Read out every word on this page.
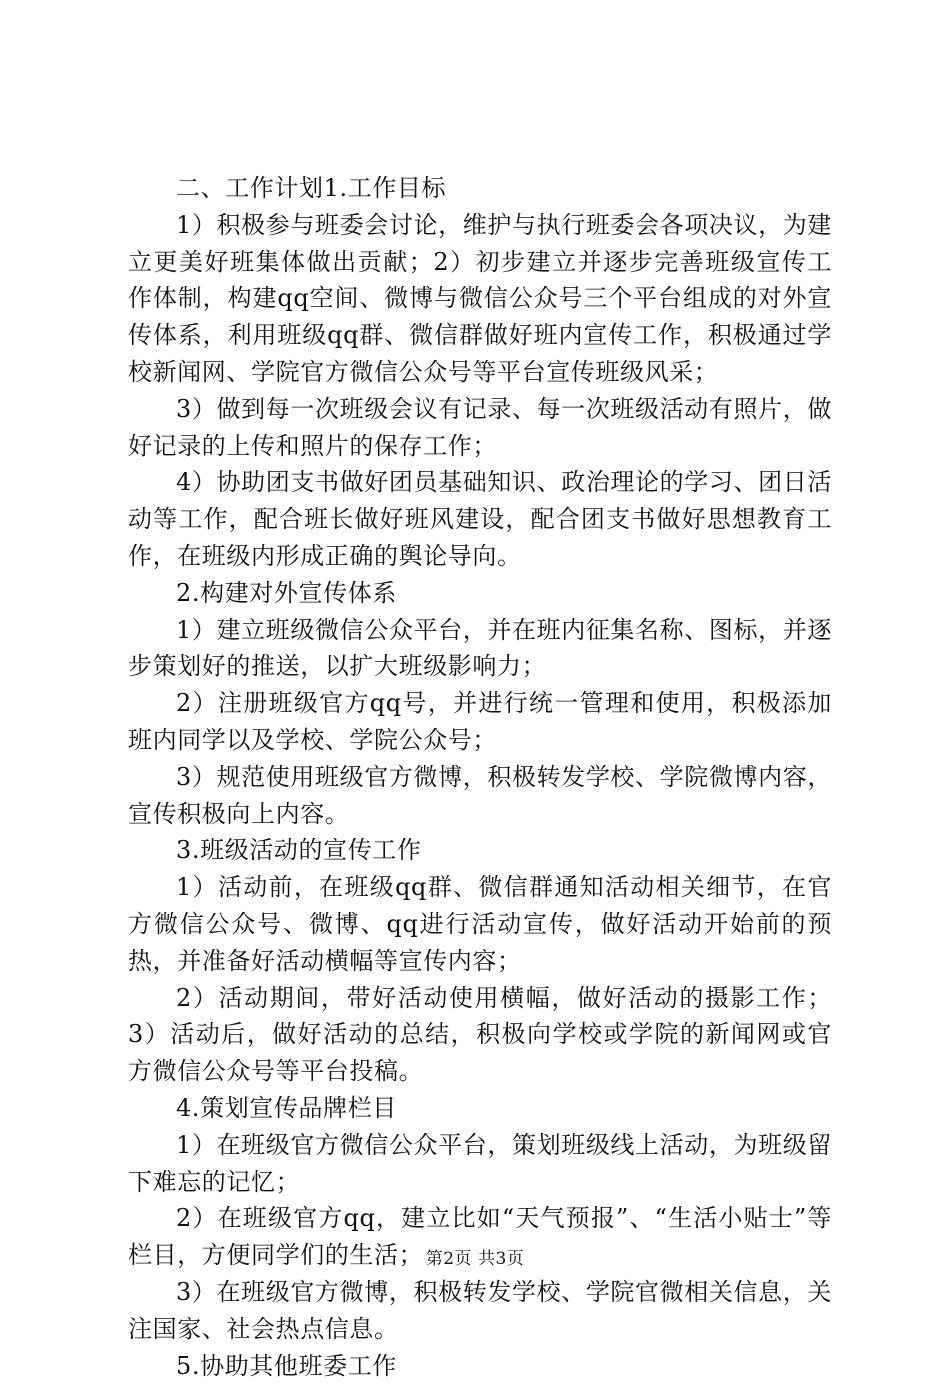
二、工作计划1.工作目标

1）积极参与班委会讨论，维护与执行班委会各项决议，为建立更美好班集体做出贡献；2）初步建立并逐步完善班级宣传工作体制，构建qq空间、微博与微信公众号三个平台组成的对外宣传体系，利用班级qq群、微信群做好班内宣传工作，积极通过学校新闻网、学院官方微信公众号等平台宣传班级风采；

3）做到每一次班级会议有记录、每一次班级活动有照片，做好记录的上传和照片的保存工作；

4）协助团支书做好团员基础知识、政治理论的学习、团日活动等工作，配合班长做好班风建设，配合团支书做好思想教育工作，在班级内形成正确的舆论导向。

2.构建对外宣传体系

1）建立班级微信公众平台，并在班内征集名称、图标，并逐步策划好的推送，以扩大班级影响力；

2）注册班级官方qq号，并进行统一管理和使用，积极添加班内同学以及学校、学院公众号；

3）规范使用班级官方微博，积极转发学校、学院微博内容，宣传积极向上内容。

3.班级活动的宣传工作

1）活动前，在班级qq群、微信群通知活动相关细节，在官方微信公众号、微博、qq进行活动宣传，做好活动开始前的预热，并准备好活动横幅等宣传内容；

2）活动期间，带好活动使用横幅，做好活动的摄影工作；3）活动后，做好活动的总结，积极向学校或学院的新闻网或官方微信公众号等平台投稿。

4.策划宣传品牌栏目

1）在班级官方微信公众平台，策划班级线上活动，为班级留下难忘的记忆；

2）在班级官方qq，建立比如“天气预报”、“生活小贴士”等栏目，方便同学们的生活；

3）在班级官方微博，积极转发学校、学院官微相关信息，关注国家、社会热点信息。

5.协助其他班委工作

第2页 共3页
